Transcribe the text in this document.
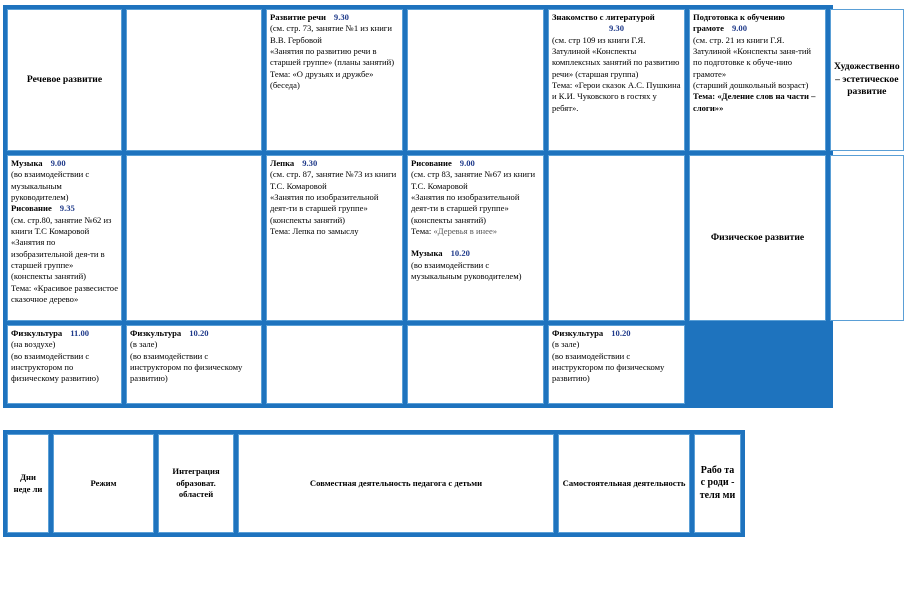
Речевое развитие
Развитие речи 9.30
(см. стр. 73, занятие №1 из книги В.В. Гербовой
«Занятия по развитию речи в старшей группе» (планы занятий)
Тема: «О друзьях и дружбе» (беседа)
Знакомство с литературой
9.30
(см. стр 109 из книги Г.Я. Затулиной «Конспекты комплексных занятий по развитию речи» (старшая группа)
Тема: «Герои сказок А.С. Пушкина и К.И. Чуковского в гостях у ребят».
Подготовка к обучению грамоте 9.00
(см. стр. 21 из книги Г.Я. Затулиной «Конспекты заня-тий по подготовке к обуче-нию грамоте»
(старший дошкольный возраст)
Тема: «Деление слов на части – слоги»»
Художественно – эстетическое развитие
Музыка 9.00
(во взаимодействии с музыкальным руководителем)
Рисование 9.35
(см. стр.80, занятие №62 из книги Т.С Комаровой
«Занятия по изобразительной дея-ти в старшей группе»
(конспекты занятий)
Тема: «Красивое развесистое сказочное дерево»
Лепка 9.30
(см. стр. 87, занятие №73 из книги Т.С. Комаровой
«Занятия по изобразительной деят-ти в старшей группе»
(конспекты занятий)
Тема: Лепка по замыслу
Рисование 9.00
(см. стр 83, занятие №67 из книги Т.С. Комаровой
«Занятия по изобразительной деят-ти в старшей группе»
(конспекты занятий)
Тема: «Деревья в инее»
Музыка 10.20
(во взаимодействии с музыкальным руководителем)
Физическое развитие
Физкультура 11.00
(на воздухе)
(во взаимодействии с инструктором по физическому развитию)
Физкультура 10.20
(в зале)
(во взаимодействии с инструктором по физическому развитию)
Физкультура 10.20
(в зале)
(во взаимодействии с инструктором по физическому развитию)
Дни неде ли
Режим
Интеграция образоват. областей
Совместная деятельность педагога с детьми	Самостоятельная деятельность
Рабо та с роди - теля ми
